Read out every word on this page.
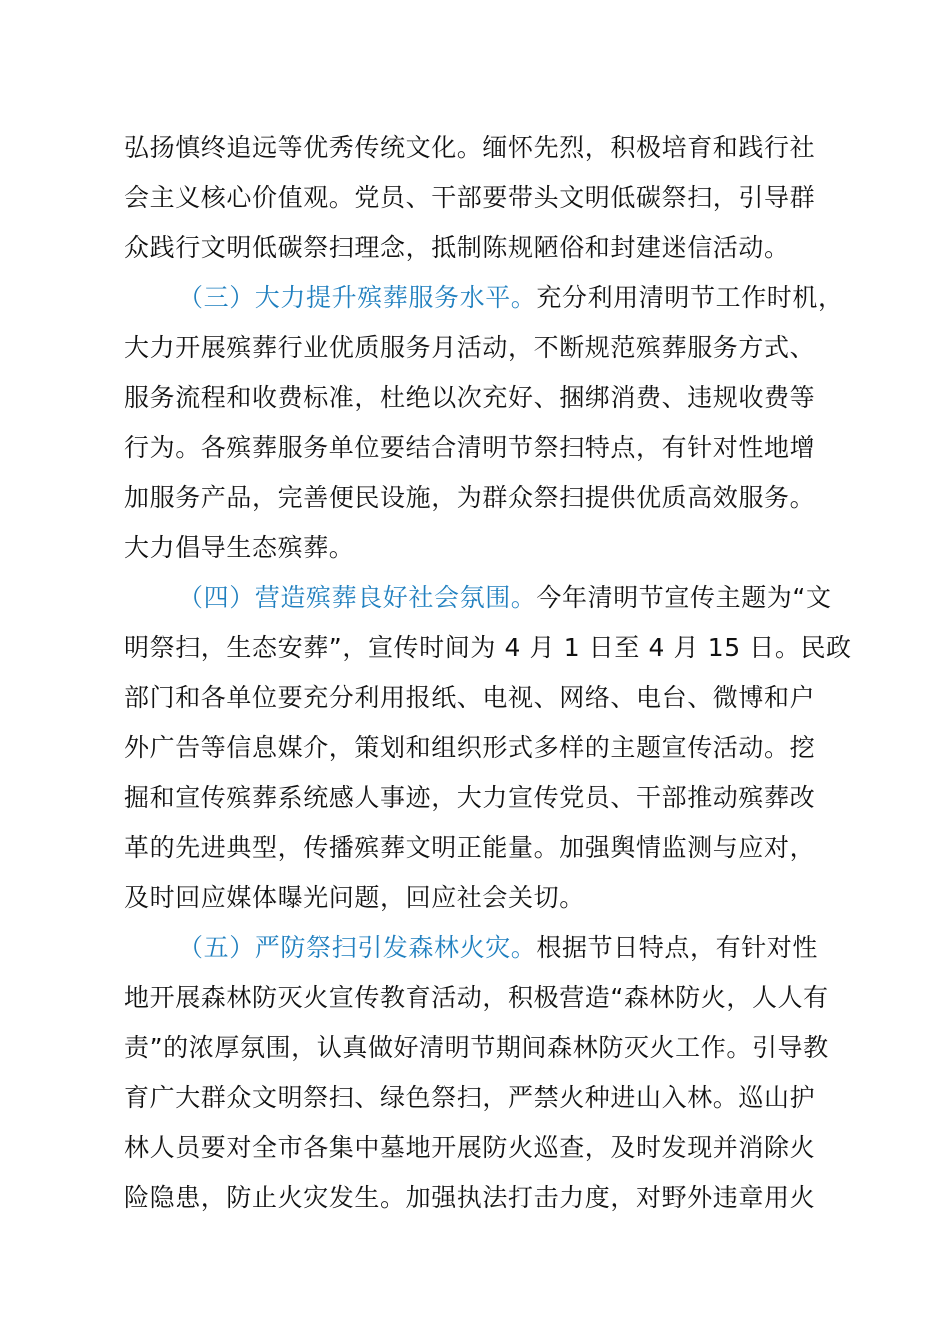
弘扬慎终追远等优秀传统文化。缅怀先烈，积极培育和践行社
会主义核心价值观。党员、干部要带头文明低碳祭扫，引导群
众践行文明低碳祭扫理念，抵制陈规陋俗和封建迷信活动。
（三）大力提升殡葬服务水平。充分利用清明节工作时机，
大力开展殡葬行业优质服务月活动，不断规范殡葬服务方式、
服务流程和收费标准，杜绝以次充好、捆绑消费、违规收费等
行为。各殡葬服务单位要结合清明节祭扫特点，有针对性地增
加服务产品，完善便民设施，为群众祭扫提供优质高效服务。
大力倡导生态殡葬。
（四）营造殡葬良好社会氛围。今年清明节宣传主题为“文
明祭扫，生态安葬”，宣传时间为 4 月 1 日至 4 月 15 日。民政
部门和各单位要充分利用报纸、电视、网络、电台、微博和户
外广告等信息媒介，策划和组织形式多样的主题宣传活动。挖
掘和宣传殡葬系统感人事迹，大力宣传党员、干部推动殡葬改
革的先进典型，传播殡葬文明正能量。加强舆情监测与应对，
及时回应媒体曝光问题，回应社会关切。
（五）严防祭扫引发森林火灾。根据节日特点，有针对性
地开展森林防灭火宣传教育活动，积极营造“森林防火，人人有
责”的浓厚氛围，认真做好清明节期间森林防灭火工作。引导教
育广大群众文明祭扫、绿色祭扫，严禁火种进山入林。巡山护
林人员要对全市各集中墓地开展防火巡查，及时发现并消除火
险隐患，防止火灾发生。加强执法打击力度，对野外违章用火
